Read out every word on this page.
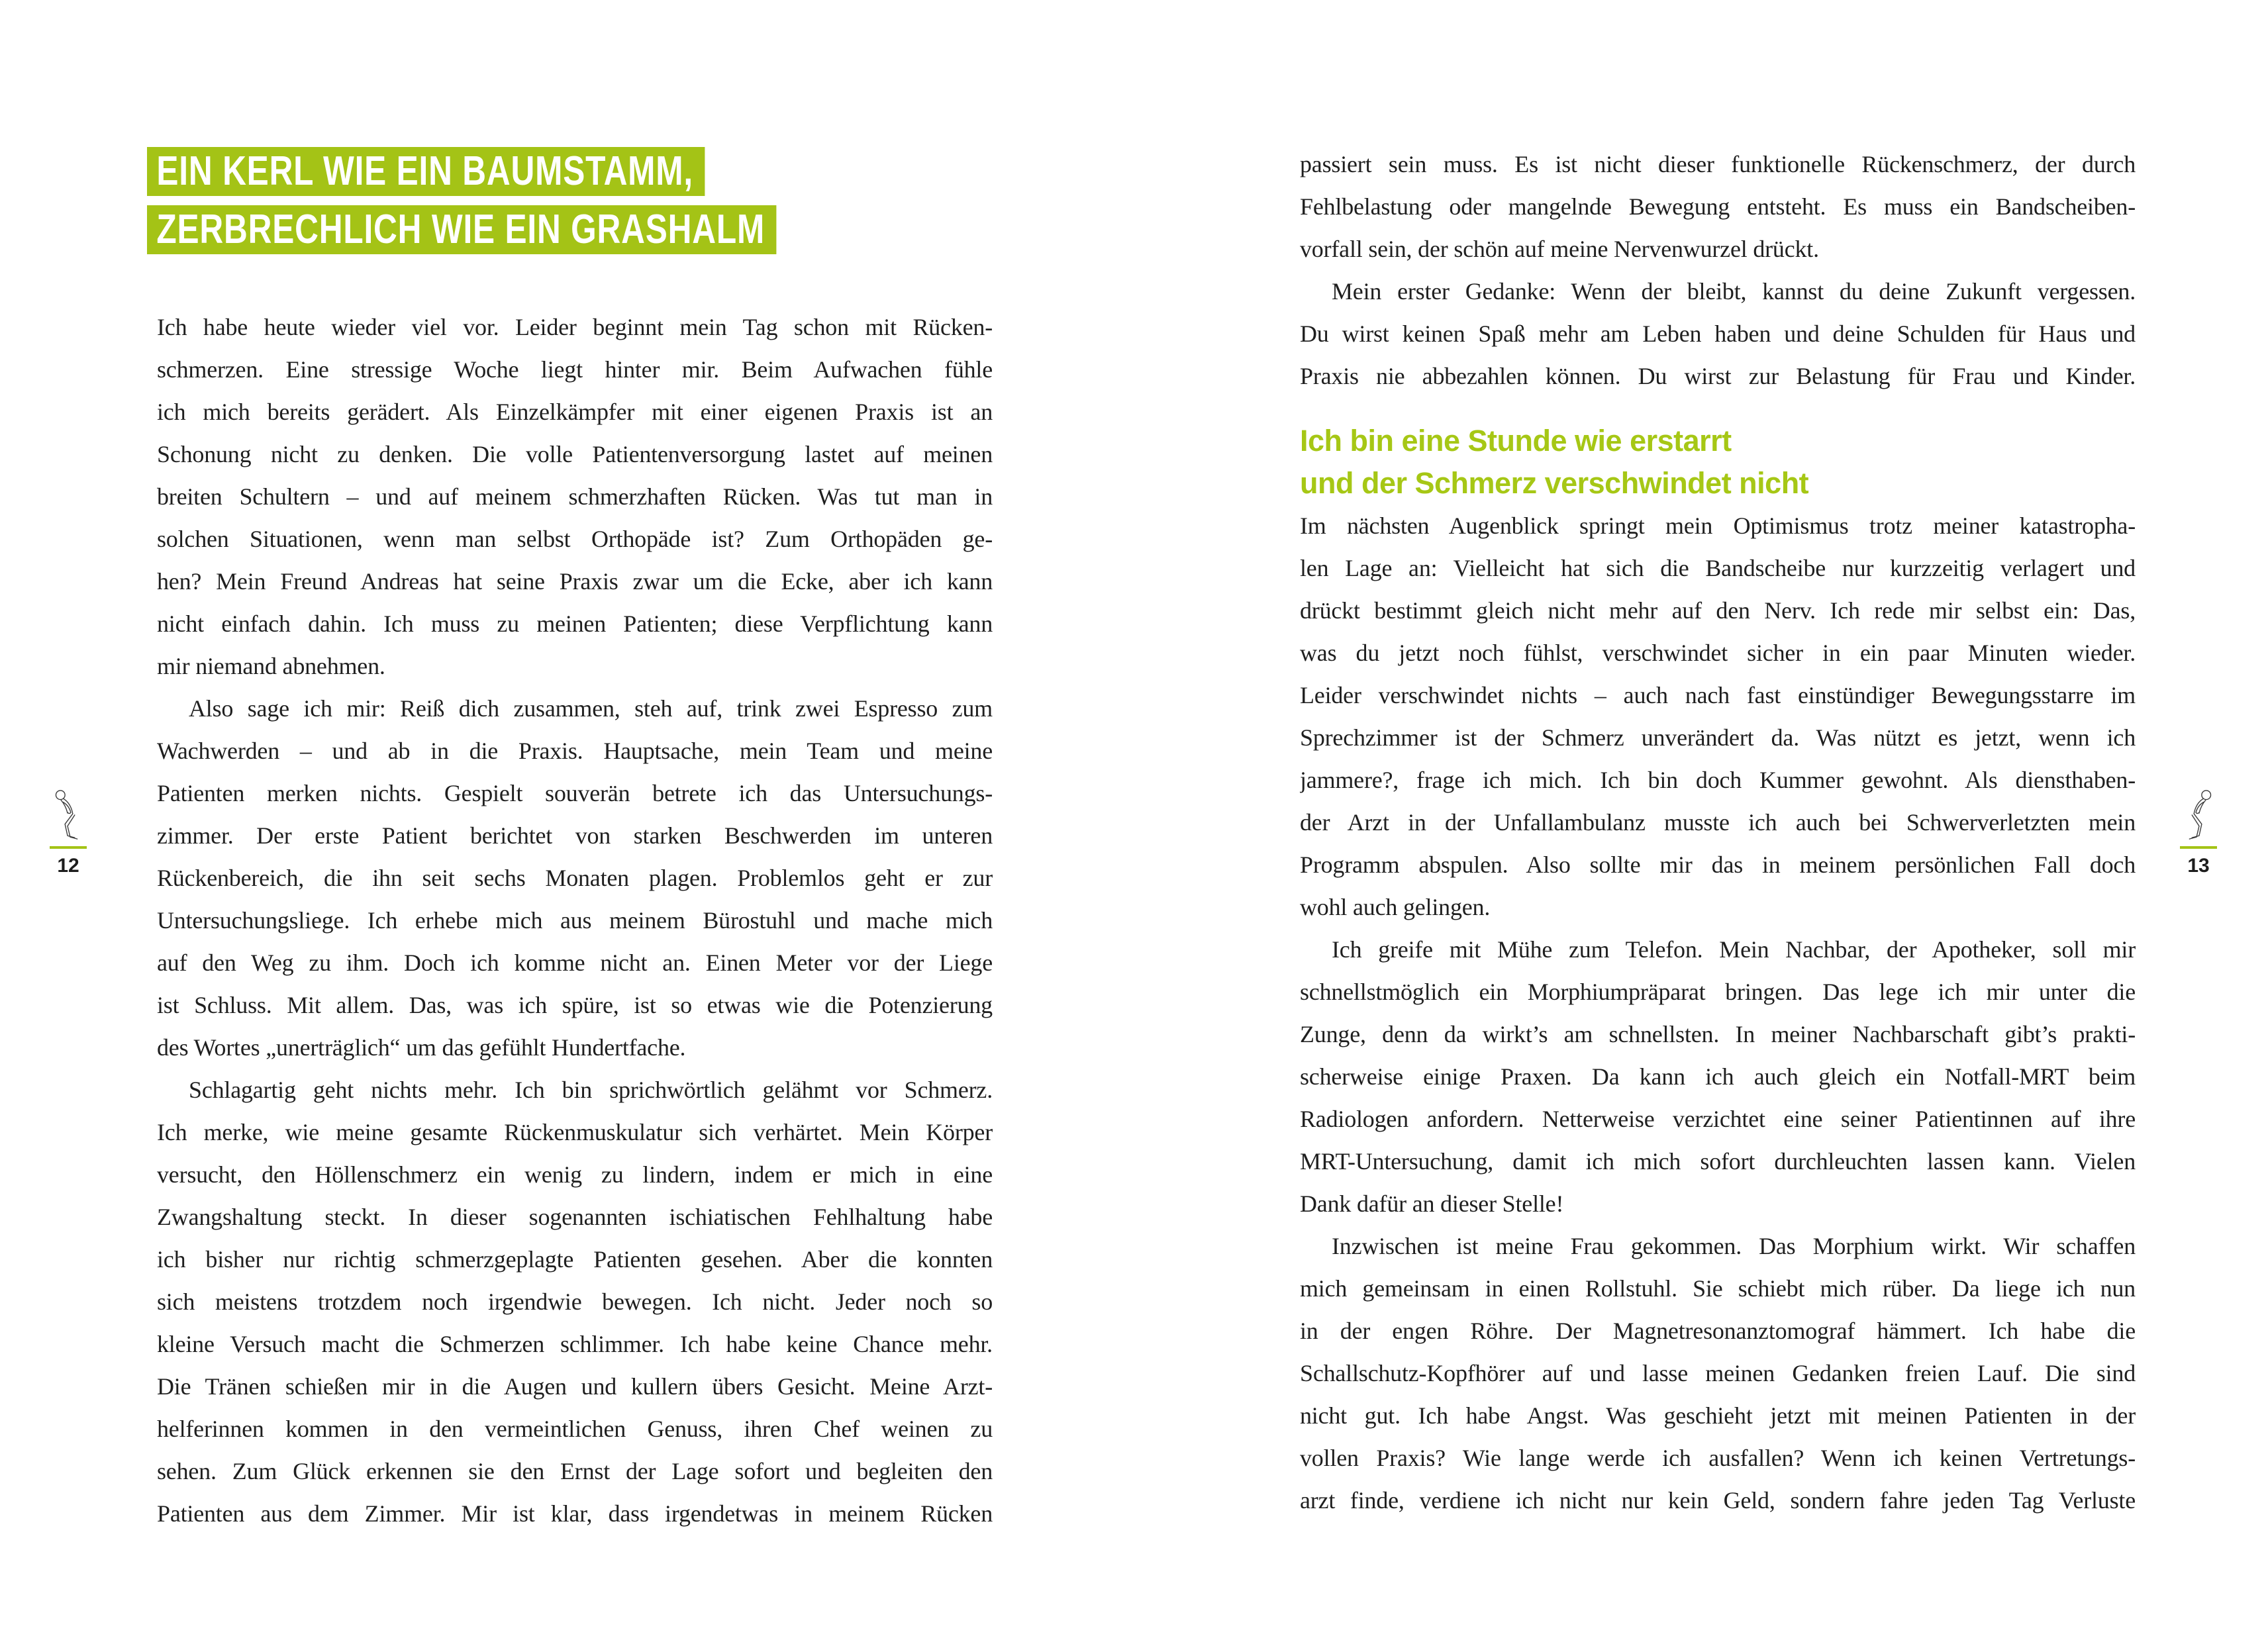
EIN KERL WIE EIN BAUMSTAMM,
ZERBRECHLICH WIE EIN GRASHALM
Ich habe heute wieder viel vor. Leider beginnt mein Tag schon mit Rücken-
schmerzen. Eine stressige Woche liegt hinter mir. Beim Aufwachen fühle
ich mich bereits gerädert. Als Einzelkämpfer mit einer eigenen Praxis ist an
Schonung nicht zu denken. Die volle Patientenversorgung lastet auf meinen
breiten Schultern – und auf meinem schmerzhaften Rücken. Was tut man in
solchen Situationen, wenn man selbst Orthopäde ist? Zum Orthopäden ge-
hen? Mein Freund Andreas hat seine Praxis zwar um die Ecke, aber ich kann
nicht einfach dahin. Ich muss zu meinen Patienten; diese Verpflichtung kann
mir niemand abnehmen.
Also sage ich mir: Reiß dich zusammen, steh auf, trink zwei Espresso zum
Wachwerden – und ab in die Praxis. Hauptsache, mein Team und meine
Patienten merken nichts. Gespielt souverän betrete ich das Untersuchungs-
zimmer. Der erste Patient berichtet von starken Beschwerden im unteren
Rückenbereich, die ihn seit sechs Monaten plagen. Problemlos geht er zur
Untersuchungsliege. Ich erhebe mich aus meinem Bürostuhl und mache mich
auf den Weg zu ihm. Doch ich komme nicht an. Einen Meter vor der Liege
ist Schluss. Mit allem. Das, was ich spüre, ist so etwas wie die Potenzierung
des Wortes „unerträglich“ um das gefühlt Hundertfache.
Schlagartig geht nichts mehr. Ich bin sprichwörtlich gelähmt vor Schmerz.
Ich merke, wie meine gesamte Rückenmuskulatur sich verhärtet. Mein Körper
versucht, den Höllenschmerz ein wenig zu lindern, indem er mich in eine
Zwangshaltung steckt. In dieser sogenannten ischiatischen Fehlhaltung habe
ich bisher nur richtig schmerzgeplagte Patienten gesehen. Aber die konnten
sich meistens trotzdem noch irgendwie bewegen. Ich nicht. Jeder noch so
kleine Versuch macht die Schmerzen schlimmer. Ich habe keine Chance mehr.
Die Tränen schießen mir in die Augen und kullern übers Gesicht. Meine Arzt-
helferinnen kommen in den vermeintlichen Genuss, ihren Chef weinen zu
sehen. Zum Glück erkennen sie den Ernst der Lage sofort und begleiten den
Patienten aus dem Zimmer. Mir ist klar, dass irgendetwas in meinem Rücken
passiert sein muss. Es ist nicht dieser funktionelle Rückenschmerz, der durch
Fehlbelastung oder mangelnde Bewegung entsteht. Es muss ein Bandscheiben-
vorfall sein, der schön auf meine Nervenwurzel drückt.
Mein erster Gedanke: Wenn der bleibt, kannst du deine Zukunft vergessen.
Du wirst keinen Spaß mehr am Leben haben und deine Schulden für Haus und
Praxis nie abbezahlen können. Du wirst zur Belastung für Frau und Kinder.
Ich bin eine Stunde wie erstarrt
und der Schmerz verschwindet nicht
Im nächsten Augenblick springt mein Optimismus trotz meiner katastropha-
len Lage an: Vielleicht hat sich die Bandscheibe nur kurzzeitig verlagert und
drückt bestimmt gleich nicht mehr auf den Nerv. Ich rede mir selbst ein: Das,
was du jetzt noch fühlst, verschwindet sicher in ein paar Minuten wieder.
Leider verschwindet nichts – auch nach fast einstündiger Bewegungsstarre im
Sprechzimmer ist der Schmerz unverändert da. Was nützt es jetzt, wenn ich
jammere?, frage ich mich. Ich bin doch Kummer gewohnt. Als diensthaben-
der Arzt in der Unfallambulanz musste ich auch bei Schwerverletzten mein
Programm abspulen. Also sollte mir das in meinem persönlichen Fall doch
wohl auch gelingen.
Ich greife mit Mühe zum Telefon. Mein Nachbar, der Apotheker, soll mir
schnellstmöglich ein Morphiumpräparat bringen. Das lege ich mir unter die
Zunge, denn da wirkt’s am schnellsten. In meiner Nachbarschaft gibt’s prakti-
scherweise einige Praxen. Da kann ich auch gleich ein Notfall-MRT beim
Radiologen anfordern. Netterweise verzichtet eine seiner Patientinnen auf ihre
MRT-Untersuchung, damit ich mich sofort durchleuchten lassen kann. Vielen
Dank dafür an dieser Stelle!
Inzwischen ist meine Frau gekommen. Das Morphium wirkt. Wir schaffen
mich gemeinsam in einen Rollstuhl. Sie schiebt mich rüber. Da liege ich nun
in der engen Röhre. Der Magnetresonanztomograf hämmert. Ich habe die
Schallschutz-Kopfhörer auf und lasse meinen Gedanken freien Lauf. Die sind
nicht gut. Ich habe Angst. Was geschieht jetzt mit meinen Patienten in der
vollen Praxis? Wie lange werde ich ausfallen? Wenn ich keinen Vertretungs-
arzt finde, verdiene ich nicht nur kein Geld, sondern fahre jeden Tag Verluste
12	13
